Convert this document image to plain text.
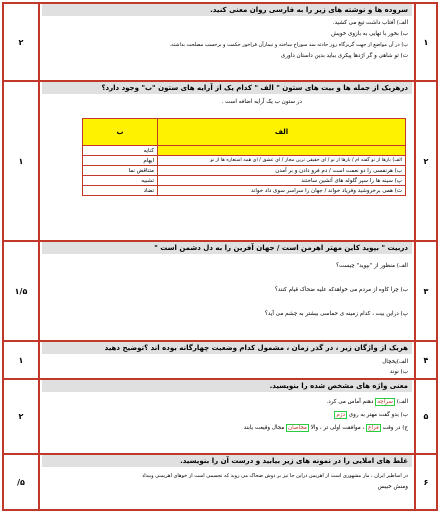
۲	۱
سروده ها و نوشته های زیر را به فارسی روان معنی کنید.
الف) آفتاب داشت تیغ می کشید.
ب) بخور با تهایی به بازوی خویش
پ) در آن مواضع از جهت گریزگاه روز حادثه سد سوراخ ساخته و تیمارآن فراخور حکمت و برحسب مصلحت بداشته.
ت) تو شاهی و گر اژدها پیکری بباید بدین داستان داوری
۱	۲
درهریک از جمله ها و بیت های ستون " الف " کدام یک از آرایه های ستون "ب" وجود دارد؟
در ستون ب یک آرایه اضافه است .
الف	ب
	کنایه
الف) بارها از تو گفته ام / بارها از تو / ای حقیقی ترین مجاز / ای عشق / ای همه استعاره ها از تو	ایهام
ب) هرنفسی را دو نعمت است / دم فرو دادن و بر آمدن	متناقض نما
پ) سینه ها را سپر گلوله های آتشین ساختند	تشبیه
ت) همی برخروشید وفریاد خواند / جهان را سراسر سوی داد خواند	تضاد
۱/۵	۳
دربیت " بپوید کاین مهتر اهرمن است / جهان آفرین را به دل دشمن است "
الف) منظور از "بپوید" چیست؟
ب) چرا کاوه از مردم می خواهدکه علیه ضحاک قیام کنند؟
پ) دراین بیت ، کدام زمینه ی حماسی بیشتر به چشم می آید؟
۱	۴
هریک از واژگان زیر ، در گذر زمان ، مشمول کدام وضعیت چهارگانه بوده اند ؟توضیح دهید
الف)یخچال
ب) نوند
۲	۵
معنی واژه های مشخص شده را بنویسید.
الف) سراچه دهنم آماس می کرد.
ب) بدو گفت مهتر به روی دژم
ج) در وقت فراغ ، موافقت اولی تر ، والا مخاصان مجال وقیعت یابند
/۵	۶
غلط های املایی را در نمونه های زیر بیابید و درست آن را بنویسید.
در اساطیر ایران ، مار مشهوری است از اهریمن دراین جا نیز بر دوش ضحاک می روید که تجسمی است از خوهای اهریمنی وبیداد
ومنش خبیس
